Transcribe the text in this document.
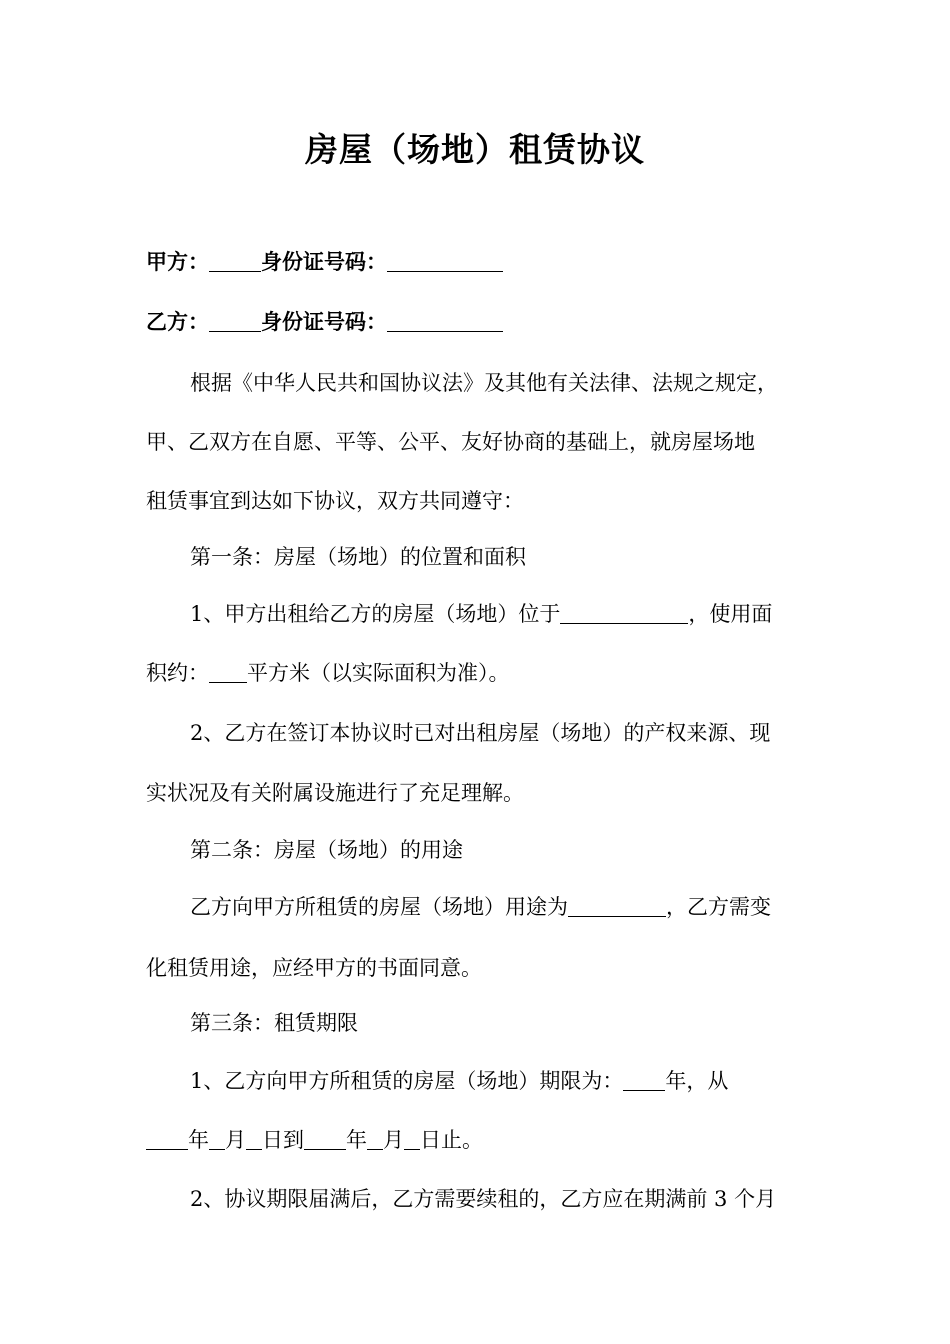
房屋（场地）租赁协议
甲方： 身份证号码：
乙方： 身份证号码：
根据《中华人民共和国协议法》及其他有关法律、法规之规定，
甲、乙双方在自愿、平等、公平、友好协商的基础上，就房屋场地
租赁事宜到达如下协议，双方共同遵守：
第一条：房屋（场地）的位置和面积
1、甲方出租给乙方的房屋（场地）位于	，使用面
积约： 平方米（以实际面积为准）。
2、乙方在签订本协议时已对出租房屋（场地）的产权来源、现
实状况及有关附属设施进行了充足理解。
第二条：房屋（场地）的用途
乙方向甲方所租赁的房屋（场地）用途为	，乙方需变
化租赁用途，应经甲方的书面同意。
第三条：租赁期限
1、乙方向甲方所租赁的房屋（场地）期限为： 年，从
年 月 日到 年 月 日止。
2、协议期限届满后，乙方需要续租的，乙方应在期满前 3 个月
